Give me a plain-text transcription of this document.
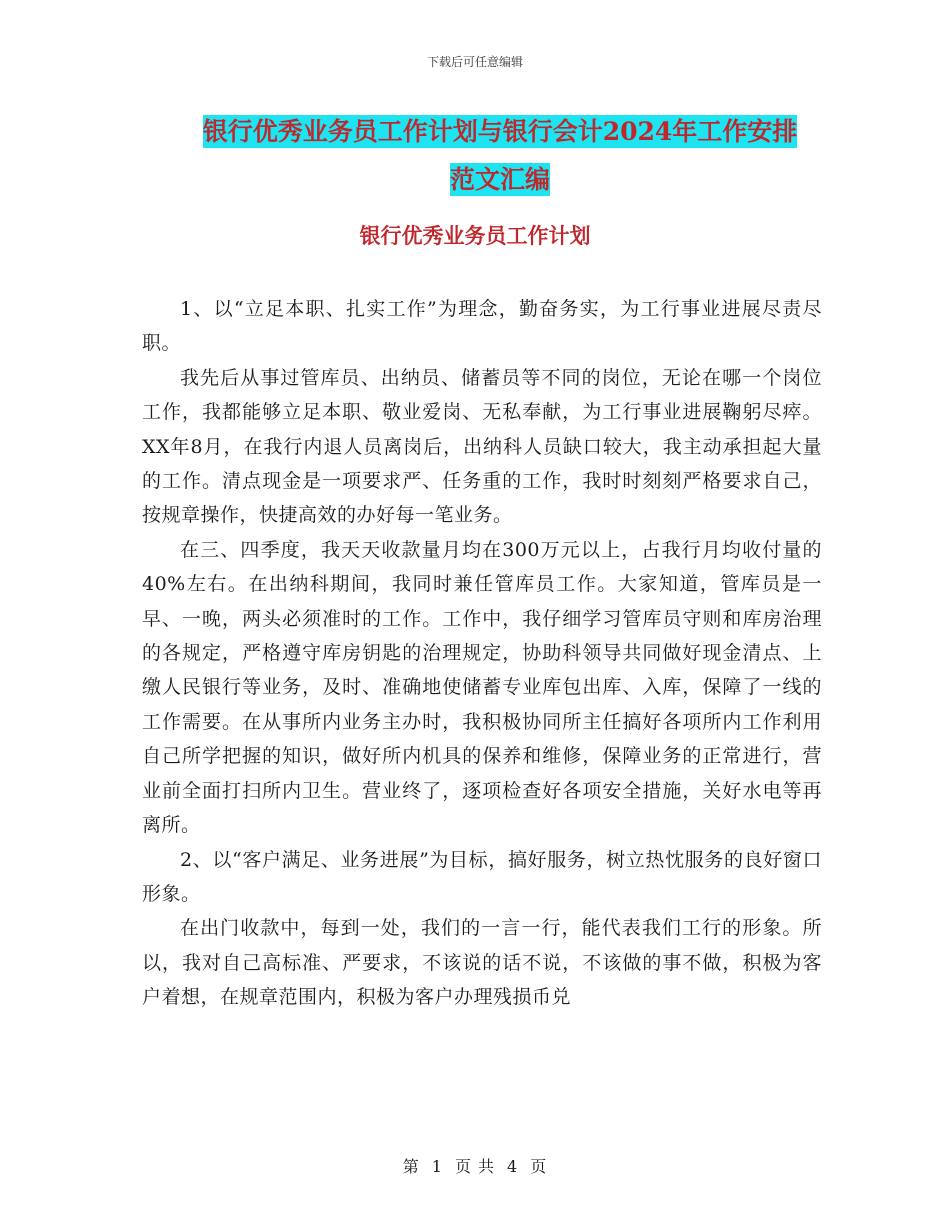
下载后可任意编辑
银行优秀业务员工作计划与银行会计2024年工作安排
范文汇编
银行优秀业务员工作计划

1、以“立足本职、扎实工作”为理念，勤奋务实，为工行事业进展尽责尽职。

我先后从事过管库员、出纳员、储蓄员等不同的岗位，无论在哪一个岗位工作，我都能够立足本职、敬业爱岗、无私奉献，为工行事业进展鞠躬尽瘁。XX年8月，在我行内退人员离岗后，出纳科人员缺口较大，我主动承担起大量的工作。清点现金是一项要求严、任务重的工作，我时时刻刻严格要求自己，按规章操作，快捷高效的办好每一笔业务。

在三、四季度，我天天收款量月均在300万元以上，占我行月均收付量的40%左右。在出纳科期间，我同时兼任管库员工作。大家知道，管库员是一早、一晚，两头必须准时的工作。工作中，我仔细学习管库员守则和库房治理的各规定，严格遵守库房钥匙的治理规定，协助科领导共同做好现金清点、上缴人民银行等业务，及时、准确地使储蓄专业库包出库、入库，保障了一线的工作需要。在从事所内业务主办时，我积极协同所主任搞好各项所内工作利用自己所学把握的知识，做好所内机具的保养和维修，保障业务的正常进行，营业前全面打扫所内卫生。营业终了，逐项检查好各项安全措施，关好水电等再离所。

2、以“客户满足、业务进展”为目标，搞好服务，树立热忱服务的良好窗口形象。

在出门收款中，每到一处，我们的一言一行，能代表我们工行的形象。所以，我对自己高标准、严要求，不该说的话不说，不该做的事不做，积极为客户着想，在规章范围内，积极为客户办理残损币兑

第 1 页 共 4 页
